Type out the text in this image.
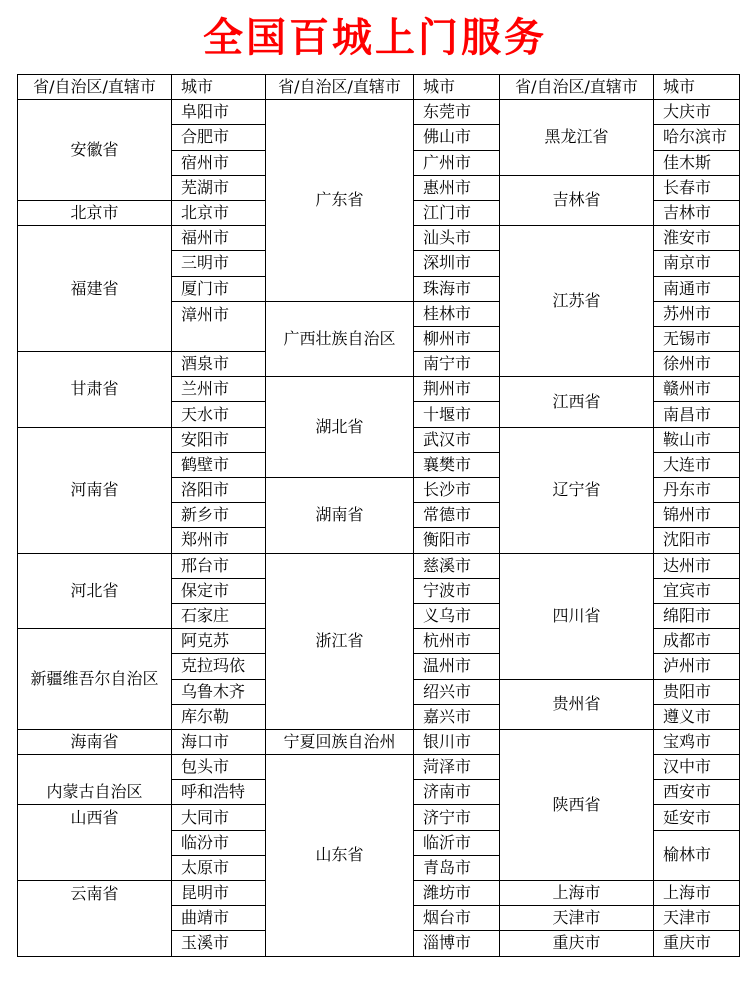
全国百城上门服务
省/自治区/直辖市	城市	省/自治区/直辖市	城市	省/自治区/直辖市	城市
安徽省	阜阳市	广东省	东莞市	黑龙江省	大庆市
	合肥市		佛山市		哈尔滨市
	宿州市		广州市		佳木斯
	芜湖市		惠州市	吉林省	长春市
北京市	北京市		江门市		吉林市
福建省	福州市		汕头市	江苏省	淮安市
	三明市		深圳市		南京市
	厦门市		珠海市		南通市
	漳州市	广西壮族自治区	桂林市		苏州市
			柳州市		无锡市
甘肃省	酒泉市		南宁市		徐州市
	兰州市	湖北省	荆州市	江西省	赣州市
	天水市		十堰市		南昌市
河南省	安阳市		武汉市	辽宁省	鞍山市
	鹤壁市		襄樊市		大连市
	洛阳市	湖南省	长沙市		丹东市
	新乡市		常德市		锦州市
	郑州市		衡阳市		沈阳市
河北省	邢台市	浙江省	慈溪市	四川省	达州市
	保定市		宁波市		宜宾市
	石家庄		义乌市		绵阳市
新疆维吾尔自治区	阿克苏		杭州市		成都市
	克拉玛依		温州市		泸州市
	乌鲁木齐		绍兴市	贵州省	贵阳市
	库尔勒		嘉兴市		遵义市
海南省	海口市	宁夏回族自治州	银川市	陕西省	宝鸡市
内蒙古自治区	包头市	山东省	菏泽市		汉中市
	呼和浩特		济南市		西安市
山西省	大同市		济宁市		延安市
	临汾市		临沂市		榆林市
	太原市		青岛市		
云南省	昆明市		潍坊市	上海市	上海市
	曲靖市		烟台市	天津市	天津市
	玉溪市		淄博市	重庆市	重庆市
